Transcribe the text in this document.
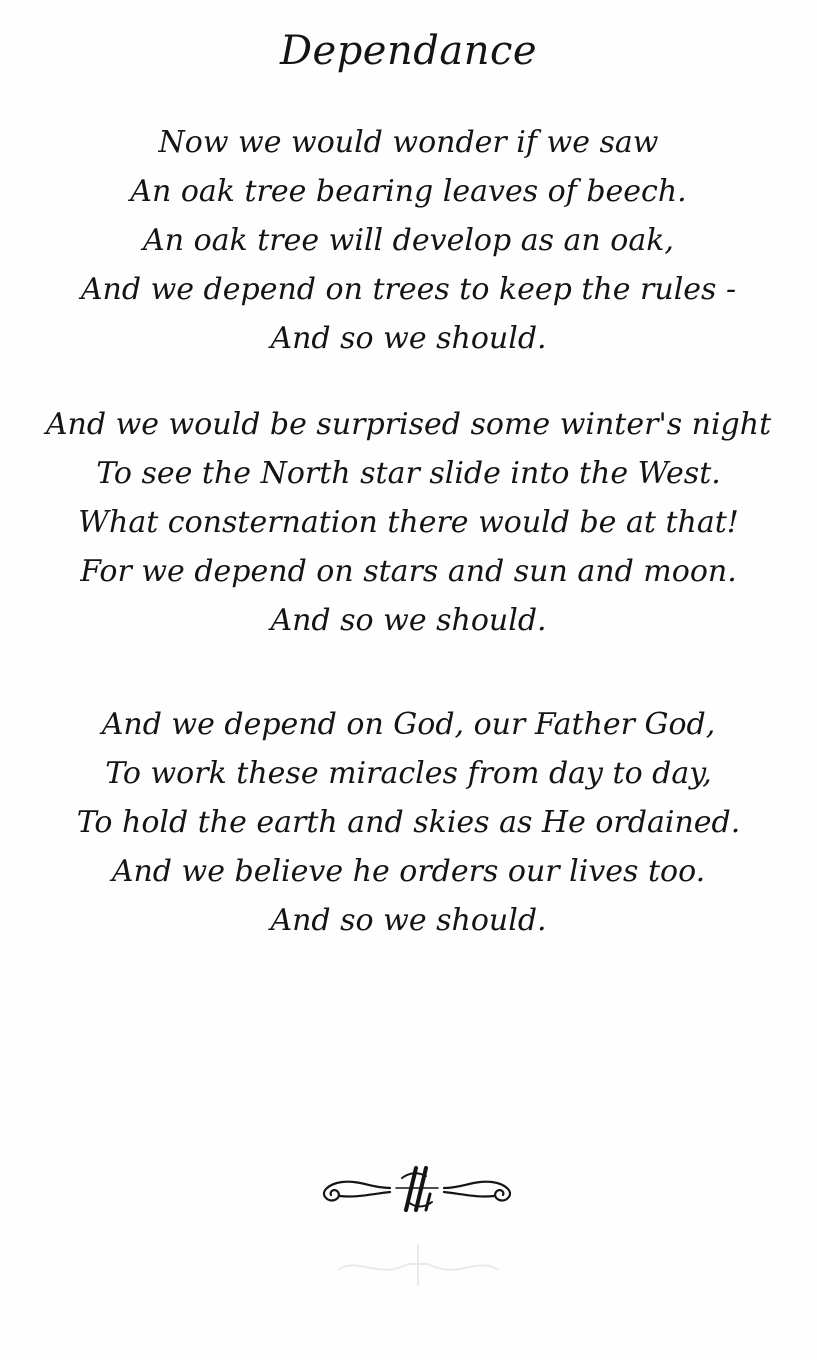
Dependance
Now we would wonder if we saw
An oak tree bearing leaves of beech.
An oak tree will develop as an oak,
And we depend on trees to keep the rules -
And so we should.
And we would be surprised some winter's night
To see the North star slide into the West.
What consternation there would be at that!
For we depend on stars and sun and moon.
And so we should.
And we depend on God, our Father God,
To work these miracles from day to day,
To hold the earth and skies as He ordained.
And we believe he orders our lives too.
And so we should.
